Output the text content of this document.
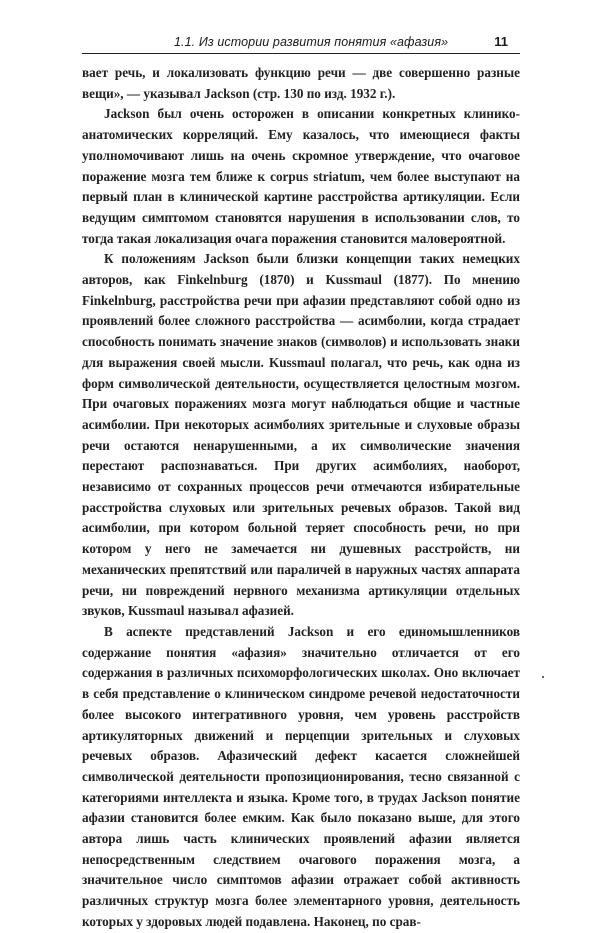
1.1. Из истории развития понятия «афазия»	11

вает речь, и локализовать функцию речи — две совершенно разные вещи», — указывал Jackson (стр. 130 по изд. 1932 г.).

Jackson был очень осторожен в описании конкретных клинико-анатомических корреляций. Ему казалось, что имеющиеся факты уполномочивают лишь на очень скромное утверждение, что очаговое поражение мозга тем ближе к corpus striatum, чем более выступают на первый план в клинической картине расстройства артикуляции. Если ведущим симптомом становятся нарушения в использовании слов, то тогда такая локализация очага поражения становится маловероятной.

К положениям Jackson были близки концепции таких немецких авторов, как Finkelnburg (1870) и Kussmaul (1877). По мнению Finkelnburg, расстройства речи при афазии представляют собой одно из проявлений более сложного расстройства — асимболии, когда страдает способность понимать значение знаков (символов) и использовать знаки для выражения своей мысли. Kussmaul полагал, что речь, как одна из форм символической деятельности, осуществляется целостным мозгом. При очаговых поражениях мозга могут наблюдаться общие и частные асимболии. При некоторых асимболиях зрительные и слуховые образы речи остаются ненарушенными, а их символические значения перестают распознаваться. При других асимболиях, наоборот, независимо от сохранных процессов речи отмечаются избирательные расстройства слуховых или зрительных речевых образов. Такой вид асимболии, при котором больной теряет способность речи, но при котором у него не замечается ни душевных расстройств, ни механических препятствий или параличей в наружных частях аппарата речи, ни повреждений нервного механизма артикуляции отдельных звуков, Kussmaul называл афазией.

В аспекте представлений Jackson и его единомышленников содержание понятия «афазия» значительно отличается от его содержания в различных психоморфологических школах. Оно включает в себя представление о клиническом синдроме речевой недостаточности более высокого интегративного уровня, чем уровень расстройств артикуляторных движений и перцепции зрительных и слуховых речевых образов. Афазический дефект касается сложнейшей символической деятельности пропозиционирования, тесно связанной с категориями интеллекта и языка. Кроме того, в трудах Jackson понятие афазии становится более емким. Как было показано выше, для этого автора лишь часть клинических проявлений афазии является непосредственным следствием очагового поражения мозга, а значительное число симптомов афазии отражает собой активность различных структур мозга более элементарного уровня, деятельность которых у здоровых людей подавлена. Наконец, по срав-
